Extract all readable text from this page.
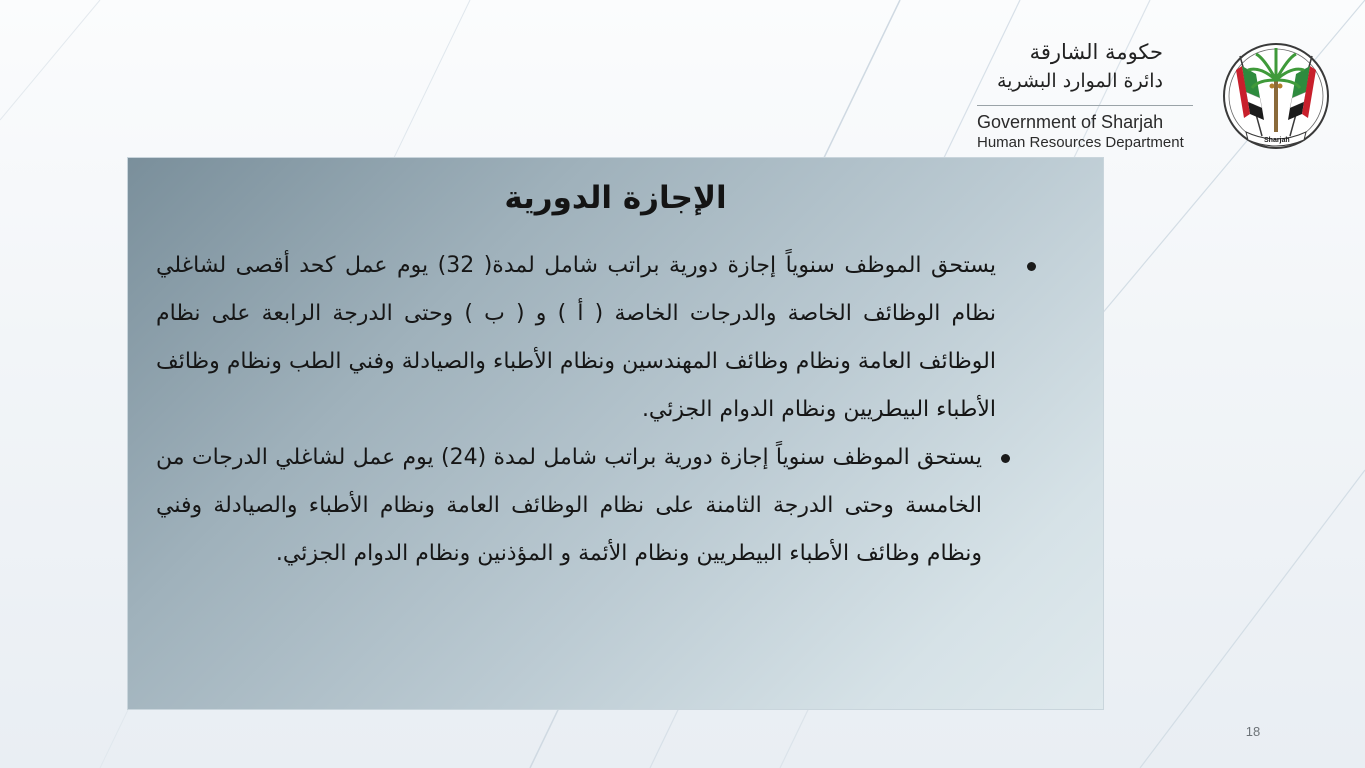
حكومة الشارقة
دائرة الموارد البشرية
Government of Sharjah
Human Resources Department	Sharjah
الإجازة الدورية
يستحق الموظف سنوياً إجازة دورية براتب شامل لمدة( 32) يوم عمل كحد أقصى لشاغلي نظام الوظائف الخاصة والدرجات الخاصة ( أ ) و ( ب ) وحتى الدرجة الرابعة على نظام الوظائف العامة ونظام وظائف المهندسين ونظام الأطباء والصيادلة وفني الطب ونظام وظائف الأطباء البيطريين ونظام الدوام الجزئي.
يستحق الموظف سنوياً إجازة دورية براتب شامل لمدة (24) يوم عمل لشاغلي الدرجات من الخامسة وحتى الدرجة الثامنة على نظام الوظائف العامة ونظام الأطباء والصيادلة وفني ونظام وظائف الأطباء البيطريين ونظام الأئمة و المؤذنين ونظام الدوام الجزئي.
18
